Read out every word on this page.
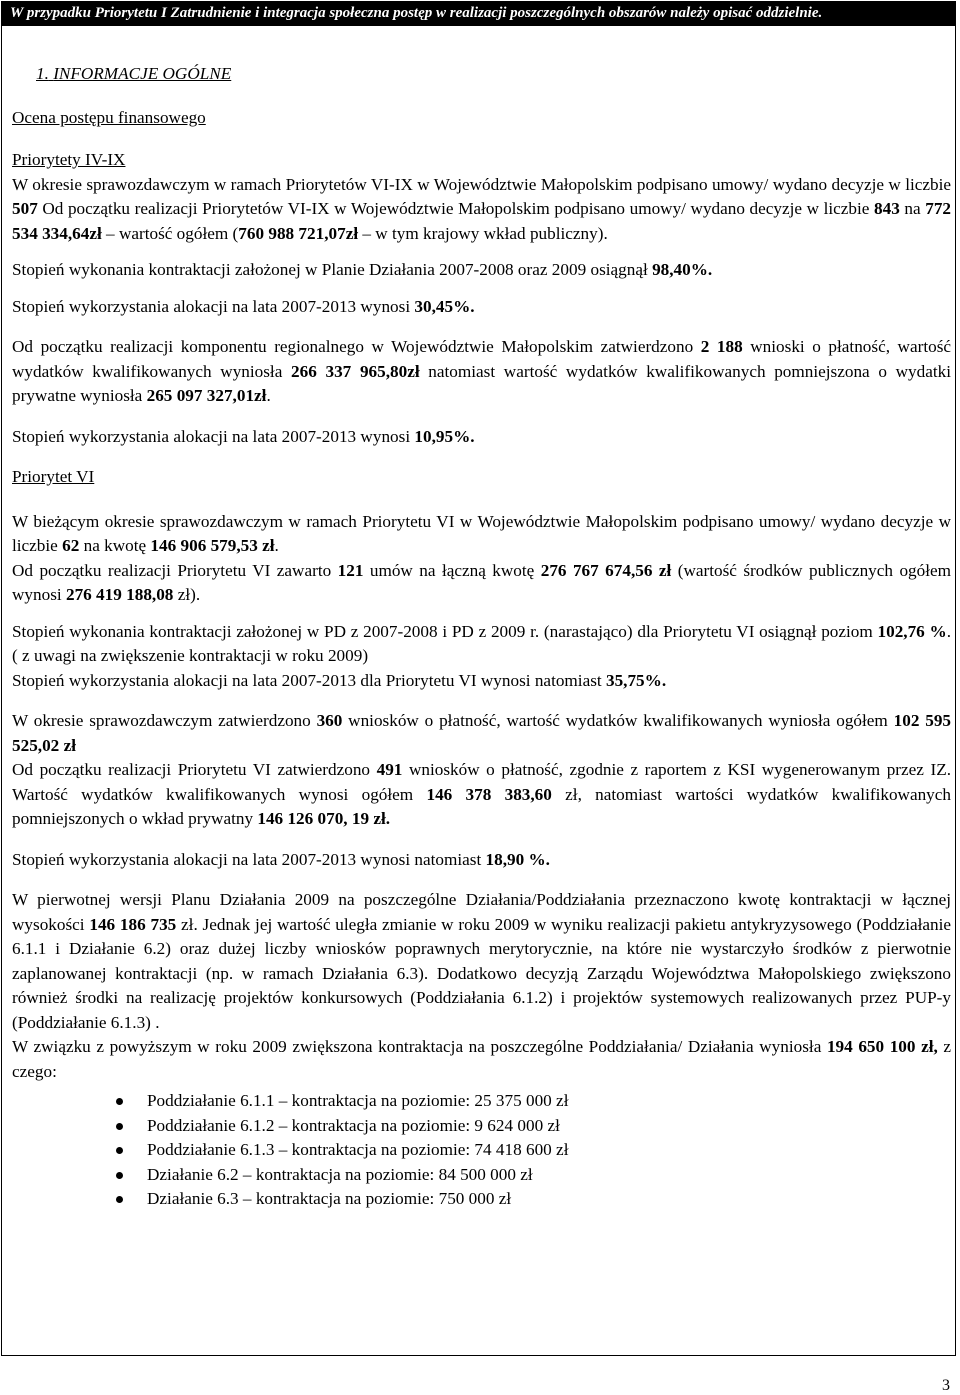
W przypadku Priorytetu I Zatrudnienie i integracja społeczna postęp w realizacji poszczególnych obszarów należy opisać oddzielnie.

1. INFORMACJE OGÓLNE

Ocena postępu finansowego

Priorytety IV-IX

W okresie sprawozdawczym w ramach Priorytetów VI-IX w Województwie Małopolskim podpisano umowy/ wydano decyzje w liczbie 507 Od początku realizacji Priorytetów VI-IX w Województwie Małopolskim podpisano umowy/ wydano decyzje w liczbie 843 na 772 534 334,64zł – wartość ogółem (760 988 721,07zł – w tym krajowy wkład publiczny).

Stopień wykonania kontraktacji założonej w Planie Działania 2007-2008 oraz 2009 osiągnął 98,40%.

Stopień wykorzystania alokacji na lata 2007-2013 wynosi 30,45%.

Od początku realizacji komponentu regionalnego w Województwie Małopolskim zatwierdzono 2 188 wnioski o płatność, wartość wydatków kwalifikowanych wyniosła 266 337 965,80zł natomiast wartość wydatków kwalifikowanych pomniejszona o wydatki prywatne wyniosła 265 097 327,01zł.

Stopień wykorzystania alokacji na lata 2007-2013 wynosi 10,95%.

Priorytet VI

W bieżącym okresie sprawozdawczym w ramach Priorytetu VI w Województwie Małopolskim podpisano umowy/ wydano decyzje w liczbie 62 na kwotę 146 906 579,53 zł.

Od początku realizacji Priorytetu VI zawarto 121 umów na łączną kwotę 276 767 674,56 zł (wartość środków publicznych ogółem wynosi 276 419 188,08 zł).

Stopień wykonania kontraktacji założonej w PD z 2007-2008 i PD z 2009 r. (narastająco) dla Priorytetu VI osiągnął poziom 102,76 %. ( z uwagi na zwiększenie kontraktacji w roku 2009)

Stopień wykorzystania alokacji na lata 2007-2013 dla Priorytetu VI wynosi natomiast 35,75%.

W okresie sprawozdawczym zatwierdzono 360 wniosków o płatność, wartość wydatków kwalifikowanych wyniosła ogółem 102 595 525,02 zł

Od początku realizacji Priorytetu VI zatwierdzono 491 wniosków o płatność, zgodnie z raportem z KSI wygenerowanym przez IZ. Wartość wydatków kwalifikowanych wynosi ogółem 146 378 383,60 zł, natomiast wartości wydatków kwalifikowanych pomniejszonych o wkład prywatny 146 126 070, 19 zł.

Stopień wykorzystania alokacji na lata 2007-2013 wynosi natomiast 18,90 %.

W pierwotnej wersji Planu Działania 2009 na poszczególne Działania/Poddziałania przeznaczono kwotę kontraktacji w łącznej wysokości 146 186 735 zł. Jednak jej wartość uległa zmianie w roku 2009 w wyniku realizacji pakietu antykryzysowego (Poddziałanie 6.1.1 i Działanie 6.2) oraz dużej liczby wniosków poprawnych merytorycznie, na które nie wystarczyło środków z pierwotnie zaplanowanej kontraktacji (np. w ramach Działania 6.3). Dodatkowo decyzją Zarządu Województwa Małopolskiego zwiększono również środki na realizację projektów konkursowych (Poddziałania 6.1.2) i projektów systemowych realizowanych przez PUP-y (Poddziałanie 6.1.3) .

W związku z powyższym w roku 2009 zwiększona kontraktacja na poszczególne Poddziałania/ Działania wyniosła 194 650 100 zł, z czego:

Poddziałanie 6.1.1 – kontraktacja na poziomie: 25 375 000 zł
Poddziałanie 6.1.2 – kontraktacja na poziomie: 9 624 000 zł
Poddziałanie 6.1.3 – kontraktacja na poziomie: 74 418 600 zł
Działanie 6.2 – kontraktacja na poziomie: 84 500 000 zł
Działanie 6.3 – kontraktacja na poziomie: 750 000 zł
3
